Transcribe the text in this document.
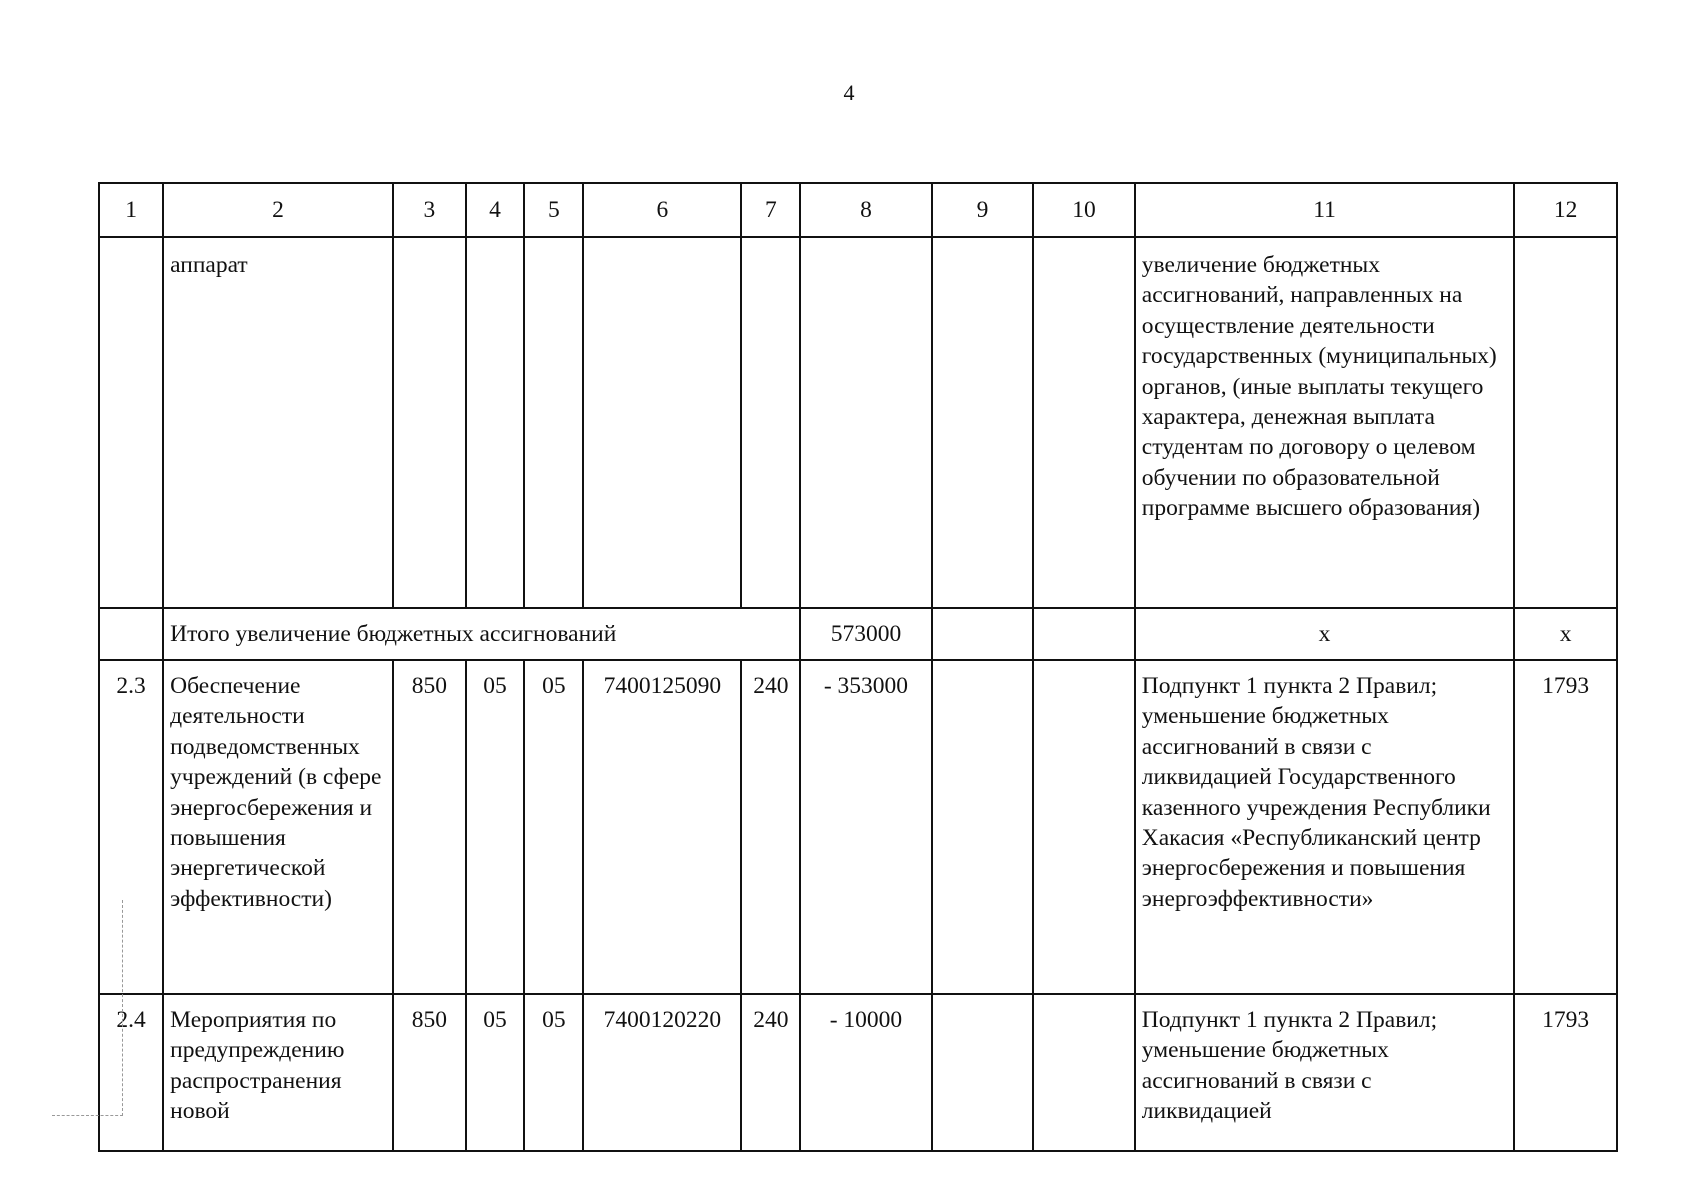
4
1	2	3	4	5	6	7	8	9	10	11	12
	аппарат									увеличение бюджетных ассигнований, направленных на осуществление деятельности государственных (муниципальных) органов, (иные выплаты текущего характера, денежная выплата студентам по договору о целевом обучении по образовательной программе высшего образования)	
	Итого увеличение бюджетных ассигнований						573000			х	х
2.3	Обеспечение деятельности подведомственных учреждений (в сфере энергосбережения и повышения энергетической эффективности)	850	05	05	7400125090	240	- 353000			Подпункт 1 пункта 2 Правил; уменьшение бюджетных ассигнований в связи с ликвидацией Государственного казенного учреждения Республики Хакасия «Республиканский центр энергосбережения и повышения энергоэффективности»	1793
2.4	Мероприятия по предупреждению распространения новой	850	05	05	7400120220	240	- 10000			Подпункт 1 пункта 2 Правил; уменьшение бюджетных ассигнований в связи с ликвидацией	1793
